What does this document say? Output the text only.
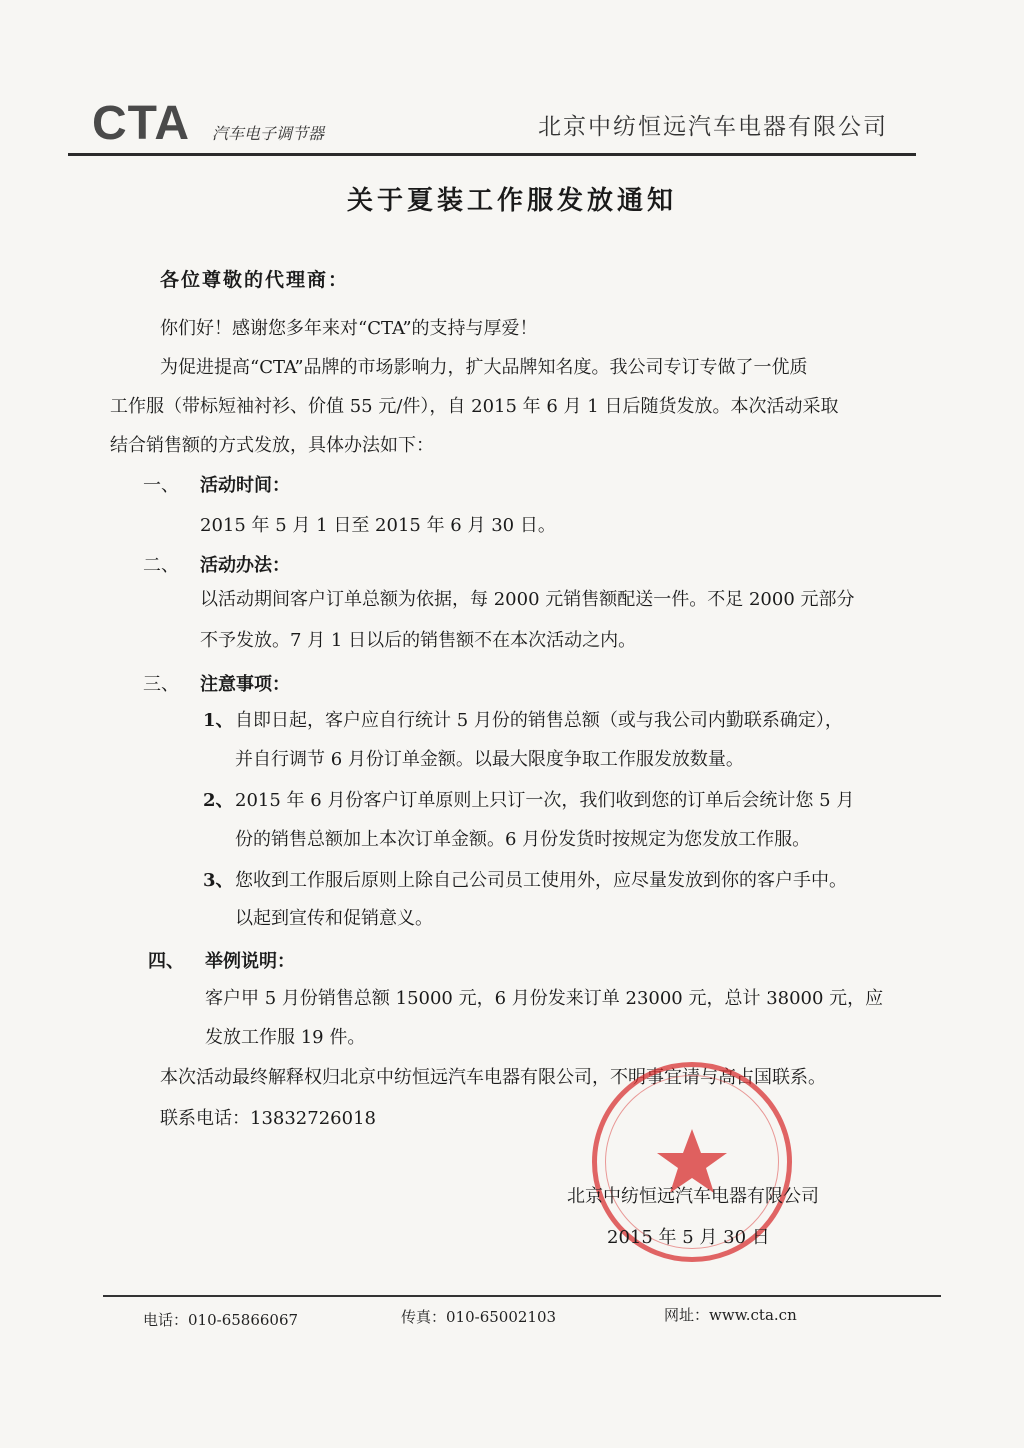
CTA 汽车电子调节器	北京中纺恒远汽车电器有限公司
关于夏装工作服发放通知
各位尊敬的代理商：
你们好！感谢您多年来对“CTA”的支持与厚爱！
为促进提高“CTA”品牌的市场影响力，扩大品牌知名度。我公司专订专做了一优质
工作服（带标短袖衬衫、价值 55 元/件），自 2015 年 6 月 1 日后随货发放。本次活动采取
结合销售额的方式发放，具体办法如下：
一、 活动时间：
2015 年 5 月 1 日至 2015 年 6 月 30 日。
二、 活动办法：
以活动期间客户订单总额为依据，每 2000 元销售额配送一件。不足 2000 元部分
不予发放。7 月 1 日以后的销售额不在本次活动之内。
三、 注意事项：
1、 自即日起，客户应自行统计 5 月份的销售总额（或与我公司内勤联系确定），
并自行调节 6 月份订单金额。以最大限度争取工作服发放数量。
2、 2015 年 6 月份客户订单原则上只订一次，我们收到您的订单后会统计您 5 月
份的销售总额加上本次订单金额。6 月份发货时按规定为您发放工作服。
3、 您收到工作服后原则上除自己公司员工使用外，应尽量发放到你的客户手中。
以起到宣传和促销意义。
四、 举例说明：
客户甲 5 月份销售总额 15000 元，6 月份发来订单 23000 元，总计 38000 元，应
发放工作服 19 件。
本次活动最终解释权归北京中纺恒远汽车电器有限公司，不明事宜请与高占国联系。
联系电话：13832726018
北京中纺恒远汽车电器有限公司
2015 年 5 月 30 日
电话：010-65866067	传真：010-65002103	网址：www.cta.cn
